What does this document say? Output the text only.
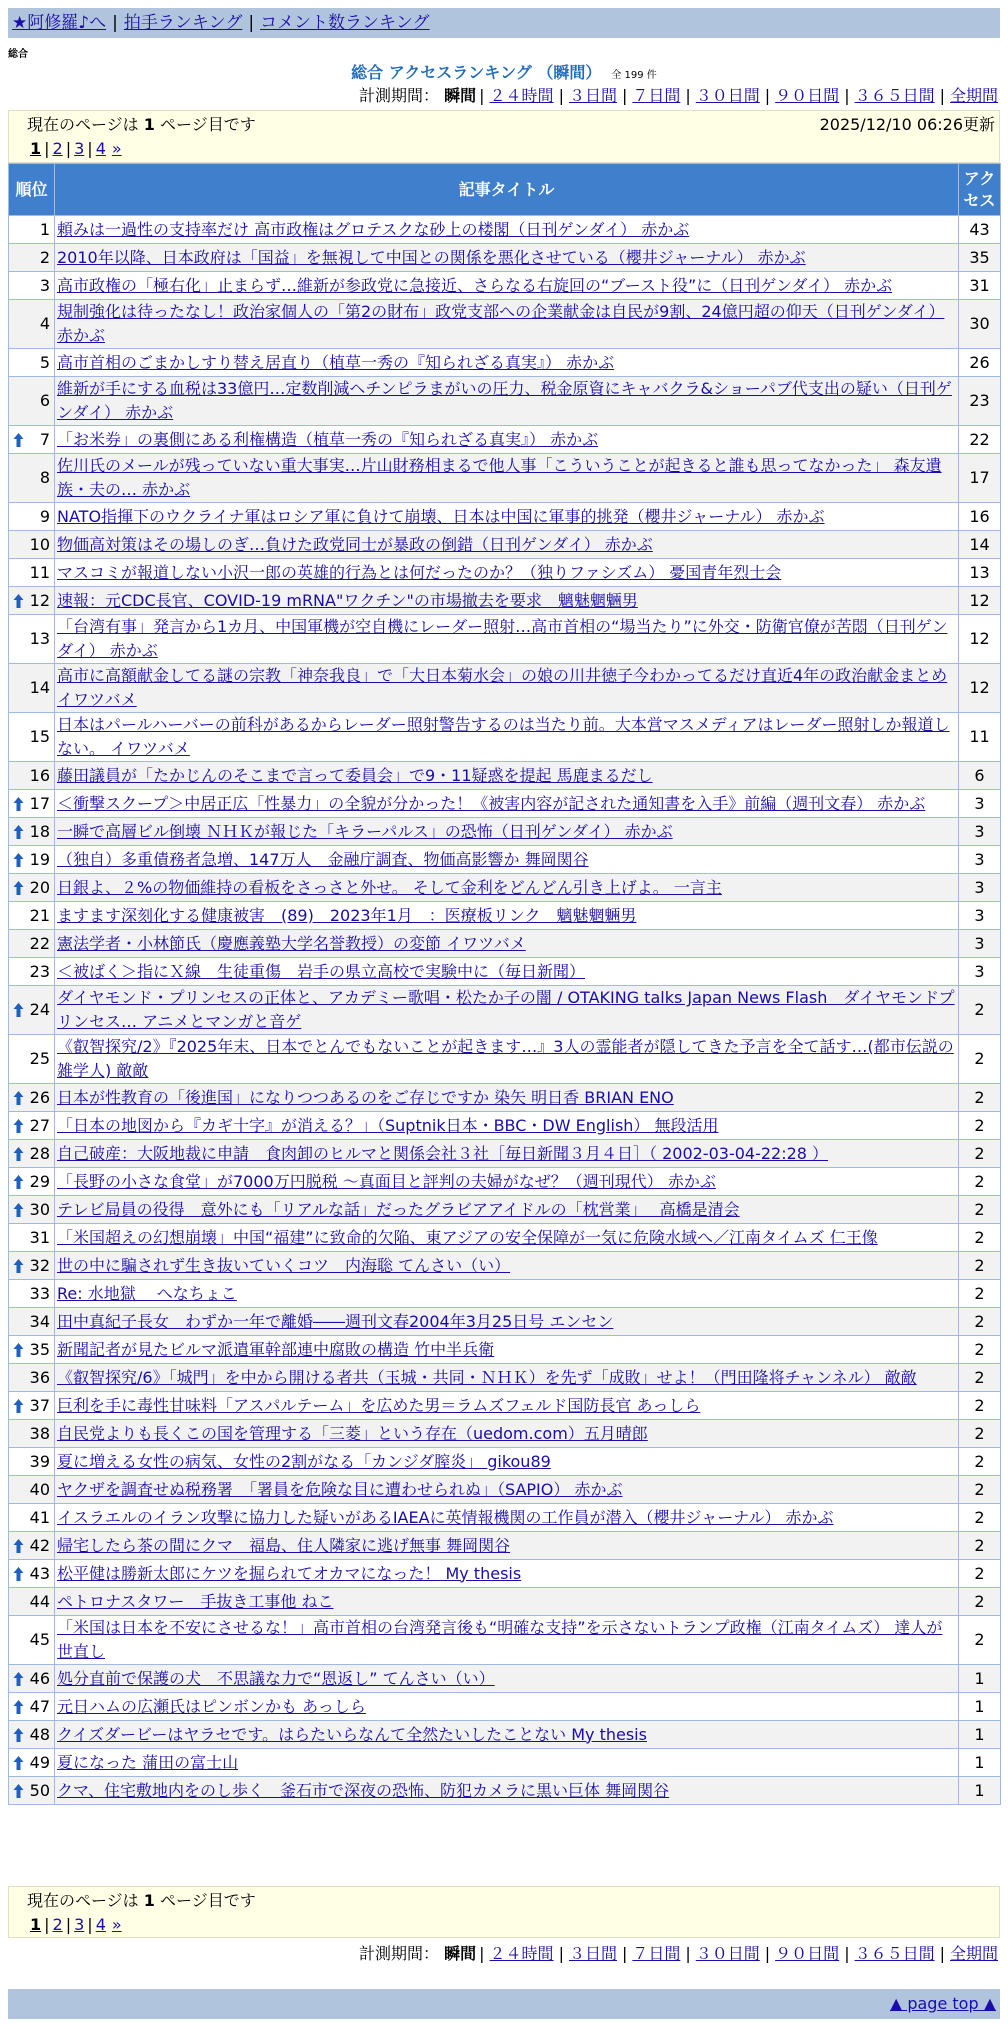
★阿修羅♪へ | 拍手ランキング | コメント数ランキング
総合
総合 アクセスランキング （瞬間） 全 199 件
計測期間： 瞬間 | ２４時間 | ３日間 | ７日間 | ３０日間 | ９０日間 | ３６５日間 | 全期間
現在のページは 1 ページ目です	2025/12/10 06:26更新
1 | 2 | 3 | 4 »
順位	記事タイトル	アクセス
1	頼みは一過性の支持率だけ 高市政権はグロテスクな砂上の楼閣（日刊ゲンダイ） 赤かぶ	43
2	2010年以降、日本政府は「国益」を無視して中国との関係を悪化させている（櫻井ジャーナル） 赤かぶ	35
3	高市政権の「極右化」止まらず…維新が参政党に急接近、さらなる右旋回の“ブースト役”に（日刊ゲンダイ） 赤かぶ	31
4	規制強化は待ったなし！政治家個人の「第2の財布」政党支部への企業献金は自民が9割、24億円超の仰天（日刊ゲンダイ） 赤かぶ	30
5	高市首相のごまかしすり替え居直り（植草一秀の『知られざる真実』） 赤かぶ	26
6	維新が手にする血税は33億円…定数削減ヘチンピラまがいの圧力、税金原資にキャバクラ&ショーパブ代支出の疑い（日刊ゲンダイ） 赤かぶ	23

7	「お米券」の裏側にある利権構造（植草一秀の『知られざる真実』） 赤かぶ	22
8	佐川氏のメールが残っていない重大事実…片山財務相まるで他人事「こういうことが起きると誰も思ってなかった」 森友遺族・夫の… 赤かぶ	17
9	NATO指揮下のウクライナ軍はロシア軍に負けて崩壊、日本は中国に軍事的挑発（櫻井ジャーナル） 赤かぶ	16
10	物価高対策はその場しのぎ…負けた政党同士が暴政の倒錯（日刊ゲンダイ） 赤かぶ	14
11	マスコミが報道しない小沢一郎の英雄的行為とは何だったのか？（独りファシズム） 憂国青年烈士会	13

12	速報：元CDC長官、COVID-19 mRNA"ワクチン"の市場撤去を要求　魑魅魍魎男	12
13	「台湾有事」発言から1カ月、中国軍機が空自機にレーダー照射…高市首相の“場当たり”に外交・防衛官僚が苦悶（日刊ゲンダイ） 赤かぶ	12
14	高市に高額献金してる謎の宗教「神奈我良」で「大日本菊水会」の娘の川井徳子今わかってるだけ直近4年の政治献金まとめ イワツバメ	12
15	日本はパールハーバーの前科があるからレーダー照射警告するのは当たり前。大本営マスメディアはレーダー照射しか報道しない。 イワツバメ	11
16	藤田議員が「たかじんのそこまで言って委員会」で9・11疑惑を提起 馬鹿まるだし	6

17	＜衝撃スクープ＞中居正広「性暴力」の全貌が分かった！《被害内容が記された通知書を入手》前編（週刊文春） 赤かぶ	3

18	一瞬で高層ビル倒壊 ＮＨＫが報じた「キラーパルス」の恐怖（日刊ゲンダイ） 赤かぶ	3

19	（独自）多重債務者急増、147万人　金融庁調査、物価高影響か 舞岡関谷	3

20	日銀よ、２%の物価維持の看板をさっさと外せ。 そして金利をどんどん引き上げよ。 一言主	3
21	ますます深刻化する健康被害　(89)　2023年1月　：医療板リンク　魑魅魍魎男	3
22	憲法学者・小林節氏（慶應義塾大学名誉教授）の変節 イワツバメ	3
23	＜被ばく＞指にＸ線　生徒重傷　岩手の県立高校で実験中に（毎日新聞）	3

24	ダイヤモンド・プリンセスの正体と、アカデミー歌唱・松たか子の闇 / OTAKING talks Japan News Flash　ダイヤモンドプリンセス… アニメとマンガと音ゲ	2
25	《叡智探究/2》『2025年末、日本でとんでもないことが起きます…』3人の霊能者が隠してきた予言を全て話す…(都市伝説の雑学人) 敵敵	2

26	日本が性教育の「後進国」になりつつあるのをご存じですか 染矢 明日香 BRIAN ENO	2

27	「日本の地図から『カギ十字』が消える？」（Suptnik日本・BBC・DW English） 無段活用	2

28	自己破産：大阪地裁に申請　食肉卸のヒルマと関係会社３社［毎日新聞３月４日］（ 2002-03-04-22:28 ）	2

29	「長野の小さな食堂」が7000万円脱税 ～真面目と評判の夫婦がなぜ？（週刊現代） 赤かぶ	2

30	テレビ局員の役得　意外にも「リアルな話」だったグラビアアイドルの「枕営業」　 高橋是清会	2
31	「米国超えの幻想崩壊」中国“福建”に致命的欠陥、東アジアの安全保障が一気に危険水域へ／江南タイムズ 仁王像	2

32	世の中に騙されず生き抜いていくコツ　内海聡 てんさい（い）	2
33	Re: 水地獄　 へなちょこ	2
34	田中真紀子長女　わずか一年で離婚――週刊文春2004年3月25日号 エンセン	2

35	新聞記者が見たビルマ派遣軍幹部連中腐敗の構造 竹中半兵衛	2
36	《叡智探究/6》「城門」を中から開ける者共（玉城・共同・ＮＨＫ）を先ず「成敗」せよ！（門田隆将チャンネル） 敵敵	2

37	巨利を手に毒性甘味料「アスパルテーム」を広めた男＝ラムズフェルド国防長官 あっしら	2
38	自民党よりも長くこの国を管理する「三菱」という存在（uedom.com）五月晴郎	2
39	夏に増える女性の病気、女性の2割がなる「カンジダ膣炎」 gikou89	2
40	ヤクザを調査せぬ税務署　「署員を危険な目に遭わせられぬ」（SAPIO） 赤かぶ	2
41	イスラエルのイラン攻撃に協力した疑いがあるIAEAに英情報機関の工作員が潜入（櫻井ジャーナル） 赤かぶ	2

42	帰宅したら茶の間にクマ　福島、住人隣家に逃げ無事 舞岡関谷	2

43	松平健は勝新太郎にケツを掘られてオカマになった！ My thesis	2
44	ペトロナスタワー　手抜き工事他 ねこ	2
45	「米国は日本を不安にさせるな！」高市首相の台湾発言後も“明確な支持”を示さないトランプ政権（江南タイムズ） 達人が世直し	2

46	処分直前で保護の犬　不思議な力で“恩返し” てんさい（い）	1

47	元日ハムの広瀬氏はピンボンかも あっしら	1

48	クイズダービーはヤラセです。はらたいらなんて全然たいしたことない My thesis	1

49	夏になった 蒲田の富士山	1

50	クマ、住宅敷地内をのし歩く　釜石市で深夜の恐怖、防犯カメラに黒い巨体 舞岡関谷	1
現在のページは 1 ページ目です
1 | 2 | 3 | 4 »
計測期間： 瞬間 | ２４時間 | ３日間 | ７日間 | ３０日間 | ９０日間 | ３６５日間 | 全期間
▲ page top ▲
